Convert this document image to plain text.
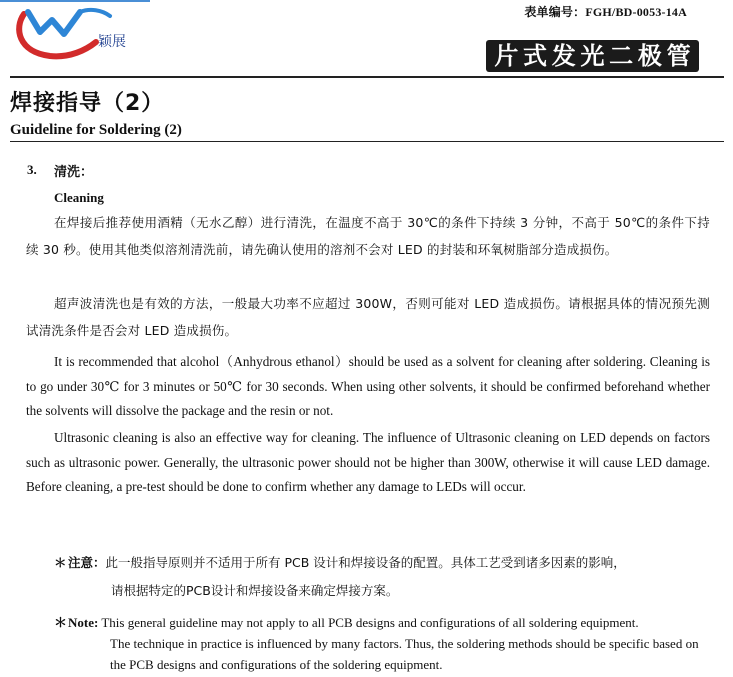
颖展
表单编号：FGH/BD-0053-14A
片 式 发 光 二 极 管
焊接指导（2）
Guideline for Soldering (2)
3. 清洗：
Cleaning

在焊接后推荐使用酒精（无水乙醇）进行清洗，在温度不高于 30℃的条件下持续 3 分钟，不高于 50℃的条件下持续 30 秒。使用其他类似溶剂清洗前，请先确认使用的溶剂不会对 LED 的封装和环氧树脂部分造成损伤。

超声波清洗也是有效的方法，一般最大功率不应超过 300W，否则可能对 LED 造成损伤。请根据具体的情况预先测试清洗条件是否会对 LED 造成损伤。

It is recommended that alcohol（Anhydrous ethanol）should be used as a solvent for cleaning after soldering. Cleaning is to go under 30℃ for 3 minutes or 50℃ for 30 seconds. When using other solvents, it should be confirmed beforehand whether the solvents will dissolve the package and the resin or not.

Ultrasonic cleaning is also an effective way for cleaning. The influence of Ultrasonic cleaning on LED depends on factors such as ultrasonic power. Generally, the ultrasonic power should not be higher than 300W, otherwise it will cause LED damage. Before cleaning, a pre-test should be done to confirm whether any damage to LEDs will occur.

＊ 注意：此一般指导原则并不适用于所有 PCB 设计和焊接设备的配置。具体工艺受到诸多因素的影响，
请根据特定的PCB设计和焊接设备来确定焊接方案。
＊ Note: This general guideline may not apply to all PCB designs and configurations of all soldering equipment.
The technique in practice is influenced by many factors. Thus, the soldering methods should be specific based on the PCB designs and configurations of the soldering equipment.
